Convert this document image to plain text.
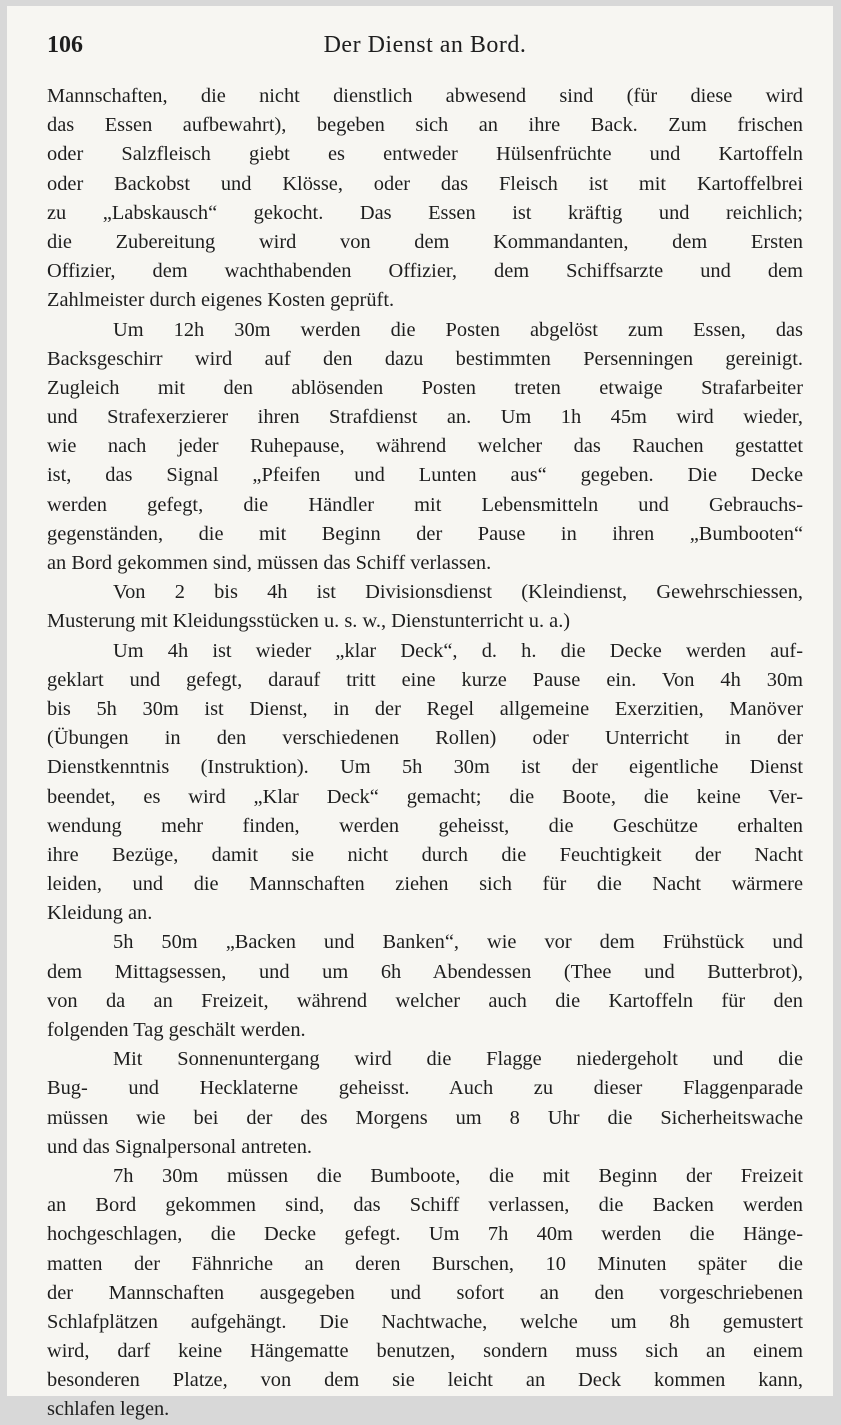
106	Der Dienst an Bord.
Mannschaften, die nicht dienstlich abwesend sind (für diese wird
das Essen aufbewahrt), begeben sich an ihre Back. Zum frischen
oder Salzfleisch giebt es entweder Hülsenfrüchte und Kartoffeln
oder Backobst und Klösse, oder das Fleisch ist mit Kartoffelbrei
zu „Labskausch“ gekocht. Das Essen ist kräftig und reichlich;
die Zubereitung wird von dem Kommandanten, dem Ersten
Offizier, dem wachthabenden Offizier, dem Schiffsarzte und dem
Zahlmeister durch eigenes Kosten geprüft.
Um 12h 30m werden die Posten abgelöst zum Essen, das
Backsgeschirr wird auf den dazu bestimmten Persenningen gereinigt.
Zugleich mit den ablösenden Posten treten etwaige Strafarbeiter
und Strafexerzierer ihren Strafdienst an. Um 1h 45m wird wieder,
wie nach jeder Ruhepause, während welcher das Rauchen gestattet
ist, das Signal „Pfeifen und Lunten aus“ gegeben. Die Decke
werden gefegt, die Händler mit Lebensmitteln und Gebrauchs-
gegenständen, die mit Beginn der Pause in ihren „Bumbooten“
an Bord gekommen sind, müssen das Schiff verlassen.
Von 2 bis 4h ist Divisionsdienst (Kleindienst, Gewehrschiessen,
Musterung mit Kleidungsstücken u. s. w., Dienstunterricht u. a.)
Um 4h ist wieder „klar Deck“, d. h. die Decke werden auf-
geklart und gefegt, darauf tritt eine kurze Pause ein. Von 4h 30m
bis 5h 30m ist Dienst, in der Regel allgemeine Exerzitien, Manöver
(Übungen in den verschiedenen Rollen) oder Unterricht in der
Dienstkenntnis (Instruktion). Um 5h 30m ist der eigentliche Dienst
beendet, es wird „Klar Deck“ gemacht; die Boote, die keine Ver-
wendung mehr finden, werden geheisst, die Geschütze erhalten
ihre Bezüge, damit sie nicht durch die Feuchtigkeit der Nacht
leiden, und die Mannschaften ziehen sich für die Nacht wärmere
Kleidung an.
5h 50m „Backen und Banken“, wie vor dem Frühstück und
dem Mittagsessen, und um 6h Abendessen (Thee und Butterbrot),
von da an Freizeit, während welcher auch die Kartoffeln für den
folgenden Tag geschält werden.
Mit Sonnenuntergang wird die Flagge niedergeholt und die
Bug- und Hecklaterne geheisst. Auch zu dieser Flaggenparade
müssen wie bei der des Morgens um 8 Uhr die Sicherheitswache
und das Signalpersonal antreten.
7h 30m müssen die Bumboote, die mit Beginn der Freizeit
an Bord gekommen sind, das Schiff verlassen, die Backen werden
hochgeschlagen, die Decke gefegt. Um 7h 40m werden die Hänge-
matten der Fähnriche an deren Burschen, 10 Minuten später die
der Mannschaften ausgegeben und sofort an den vorgeschriebenen
Schlafplätzen aufgehängt. Die Nachtwache, welche um 8h gemustert
wird, darf keine Hängematte benutzen, sondern muss sich an einem
besonderen Platze, von dem sie leicht an Deck kommen kann,
schlafen legen.
